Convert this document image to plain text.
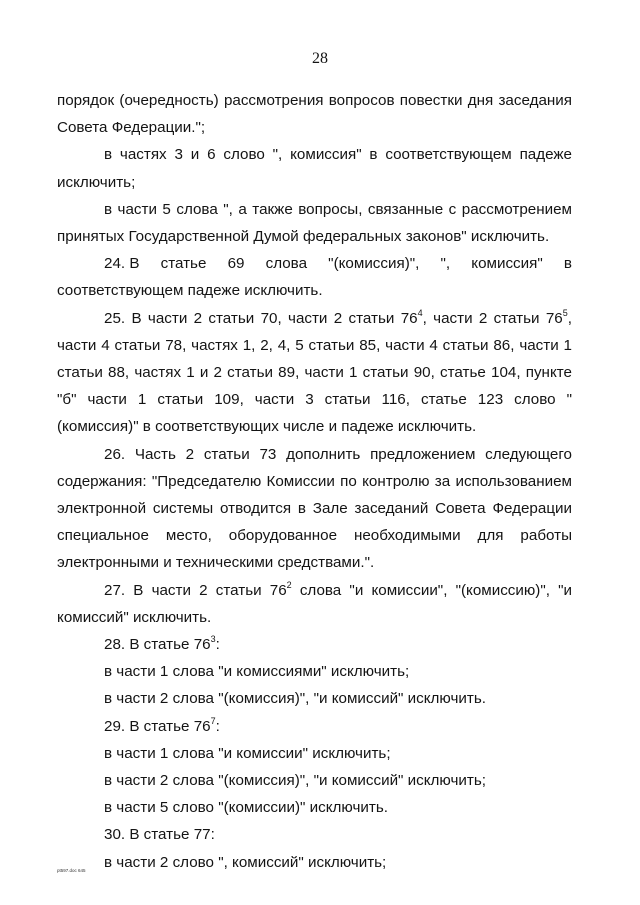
28

порядок (очередность) рассмотрения вопросов повестки дня заседания

Совета Федерации.";

в частях 3 и 6 слово ", комиссия" в соответствующем падеже исключить;

в части 5 слова ", а также вопросы, связанные с рассмотрением принятых Государственной Думой федеральных законов" исключить.

24. В статье 69 слова "(комиссия)", ", комиссия" в

соответствующем падеже исключить.

25. В части 2 статьи 70, части 2 статьи $76^4$, части 2 статьи $76^5$, части 4 статьи 78, частях 1, 2, 4, 5 статьи 85, части 4 статьи 86, части 1 статьи 88, частях 1 и 2 статьи 89, части 1 статьи 90, статье 104, пункте "б" части 1 статьи 109, части 3 статьи 116, статье 123 слово "(комиссия)" в соответствующих числе и падеже исключить.

26. Часть 2 статьи 73 дополнить предложением следующего содержания: "Председателю Комиссии по контролю за использованием электронной системы отводится в Зале заседаний Совета Федерации специальное место, оборудованное необходимыми для работы электронными и техническими средствами.".

27. В части 2 статьи $76^2$ слова "и комиссии", "(комиссию)", "и комиссий" исключить.

28. В статье $76^3$:

в части 1 слова "и комиссиями" исключить;

в части 2 слова "(комиссия)", "и комиссий" исключить.

29. В статье $76^7$:

в части 1 слова "и комиссии" исключить;

в части 2 слова "(комиссия)", "и комиссий" исключить;

в части 5 слово "(комиссии)" исключить.

30. В статье 77:

в части 2 слово ", комиссий" исключить;

pt597.doc 645
